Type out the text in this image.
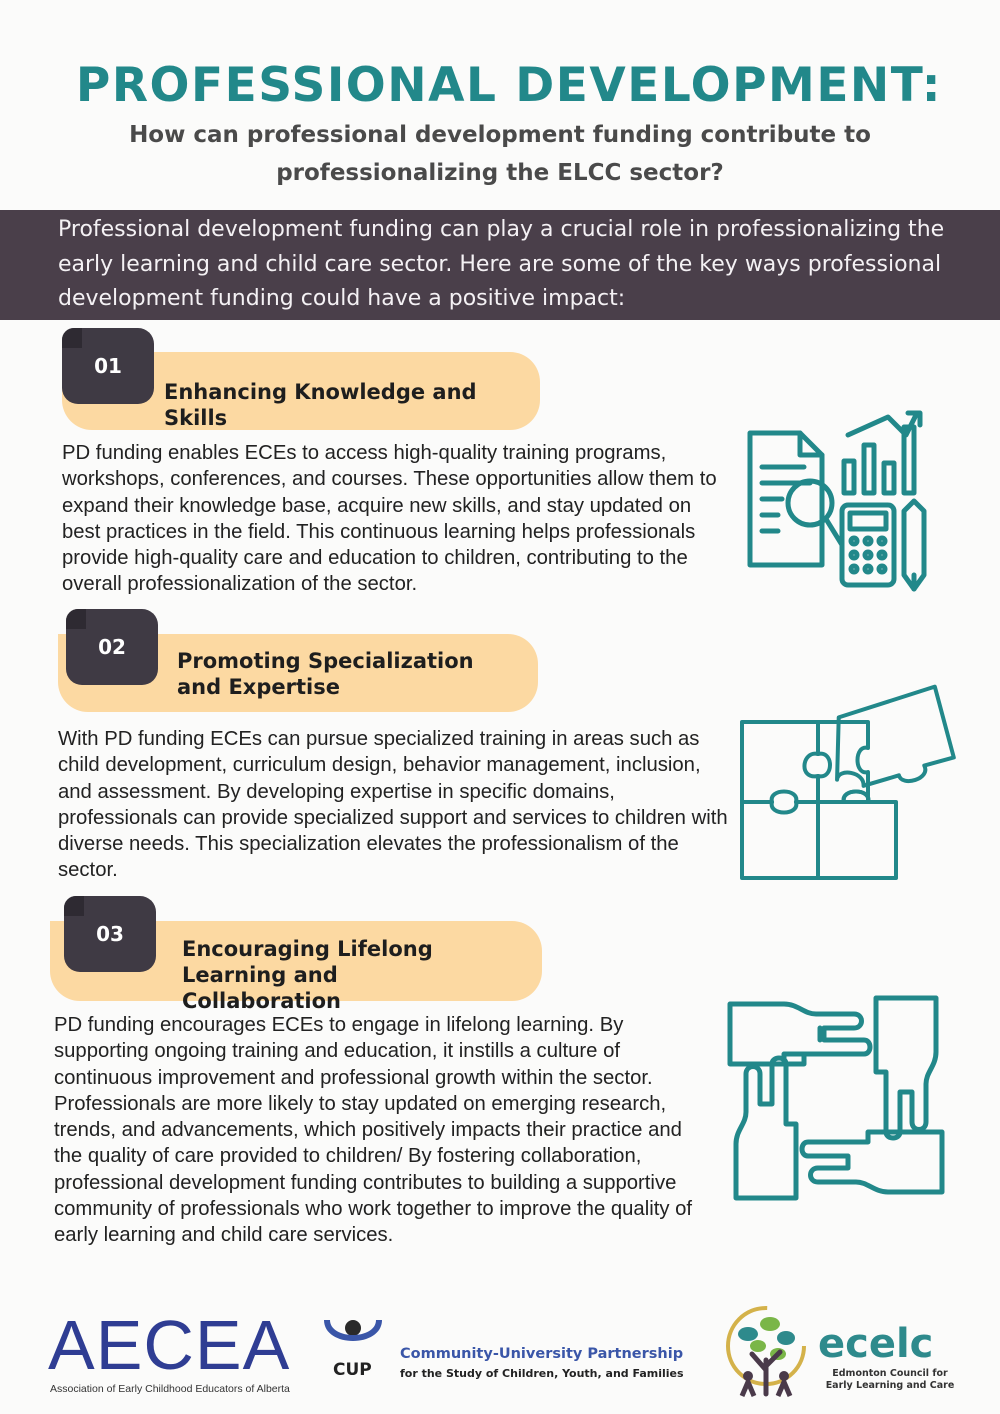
PROFESSIONAL DEVELOPMENT:

How can professional development funding contribute to professionalizing the ELCC sector?

Professional development funding can play a crucial role in professionalizing the early learning and child care sector. Here are some of the key ways professional development funding could have a positive impact:

01
Enhancing Knowledge and Skills

PD funding enables ECEs to access high-quality training programs, workshops, conferences, and courses. These opportunities allow them to expand their knowledge base, acquire new skills, and stay updated on best practices in the field. This continuous learning helps professionals provide high-quality care and education to children, contributing to the overall professionalization of the sector.

02
Promoting Specialization and Expertise

With PD funding ECEs can pursue specialized training in areas such as child development, curriculum design, behavior management, inclusion, and assessment. By developing expertise in specific domains, professionals can provide specialized support and services to children with diverse needs. This specialization elevates the professionalism of the sector.

03
Encouraging Lifelong Learning and Collaboration

PD funding encourages ECEs to engage in lifelong learning. By supporting ongoing training and education, it instills a culture of continuous improvement and professional growth within the sector. Professionals are more likely to stay updated on emerging research, trends, and advancements, which positively impacts their practice and the quality of care provided to children/ By fostering collaboration, professional development funding contributes to building a supportive community of professionals who work together to improve the quality of early learning and child care services.

AECEA
Association of Early Childhood Educators of Alberta
CUP
Community-University Partnership
for the Study of Children, Youth, and Families
ecelc
Edmonton Council for Early Learning and Care
